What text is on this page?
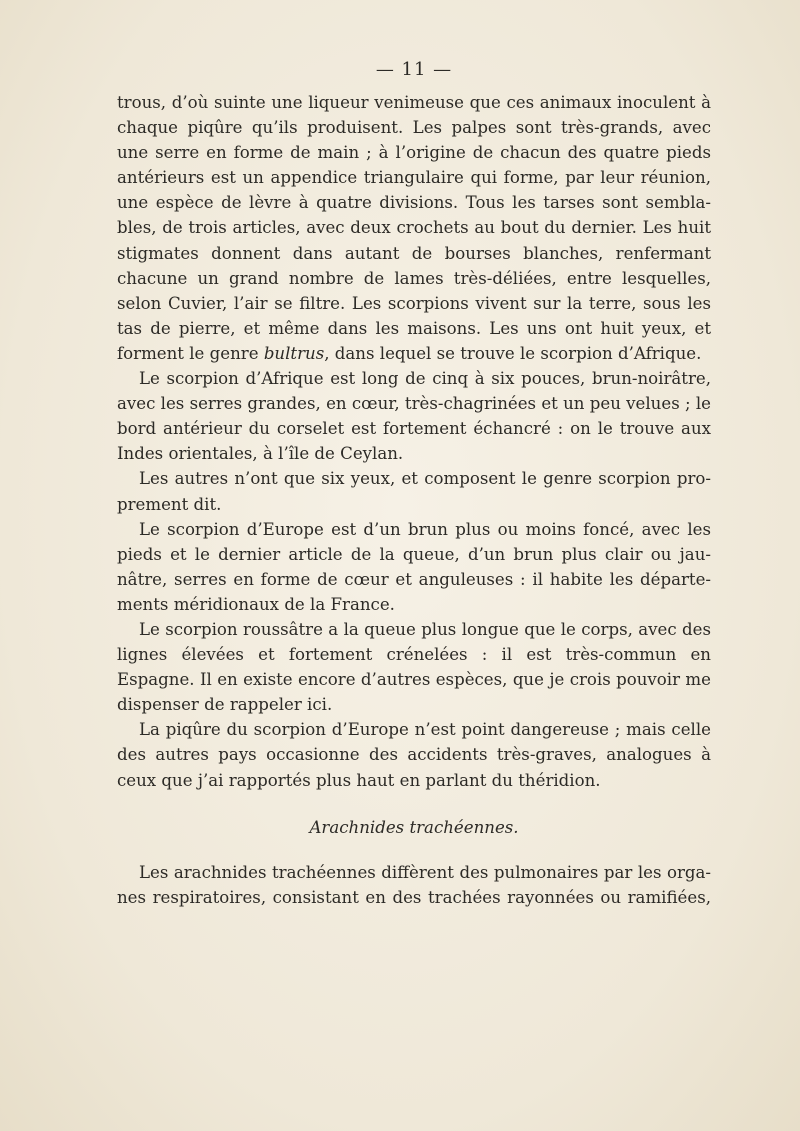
— 11 —

trous, d’où suinte une liqueur venimeuse que ces animaux inoculent à chaque piqûre qu’ils produisent. Les palpes sont très-grands, avec une serre en forme de main ; à l’origine de chacun des quatre pieds antérieurs est un appendice triangulaire qui forme, par leur réunion, une espèce de lèvre à quatre divisions. Tous les tarses sont sembla-bles, de trois articles, avec deux crochets au bout du dernier. Les huit stigmates donnent dans autant de bourses blanches, renfermant chacune un grand nombre de lames très-déliées, entre lesquelles, selon Cuvier, l’air se filtre. Les scorpions vivent sur la terre, sous les tas de pierre, et même dans les maisons. Les uns ont huit yeux, et forment le genre bultrus, dans lequel se trouve le scorpion d’Afrique.

Le scorpion d’Afrique est long de cinq à six pouces, brun-noirâtre, avec les serres grandes, en cœur, très-chagrinées et un peu velues ; le bord antérieur du corselet est fortement échancré : on le trouve aux Indes orientales, à l’île de Ceylan.

Les autres n’ont que six yeux, et composent le genre scorpion pro-prement dit.

Le scorpion d’Europe est d’un brun plus ou moins foncé, avec les pieds et le dernier article de la queue, d’un brun plus clair ou jau-nâtre, serres en forme de cœur et anguleuses : il habite les départe-ments méridionaux de la France.

Le scorpion roussâtre a la queue plus longue que le corps, avec des lignes élevées et fortement crénelées : il est très-commun en Espagne. Il en existe encore d’autres espèces, que je crois pouvoir me dispenser de rappeler ici.

La piqûre du scorpion d’Europe n’est point dangereuse ; mais celle des autres pays occasionne des accidents très-graves, analogues à ceux que j’ai rapportés plus haut en parlant du théridion.

Arachnides trachéennes.

Les arachnides trachéennes diffèrent des pulmonaires par les orga-nes respiratoires, consistant en des trachées rayonnées ou ramifiées,
